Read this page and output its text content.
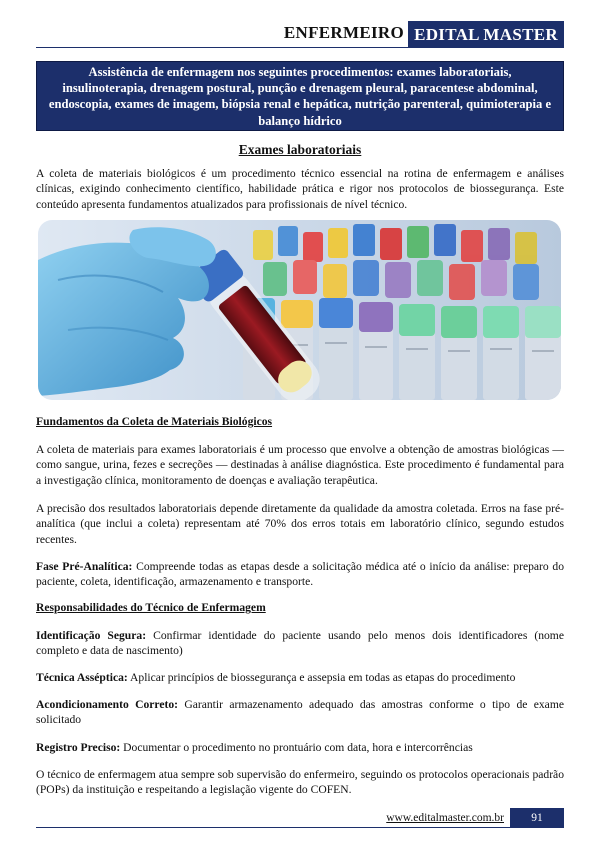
ENFERMEIRO EDITAL MASTER
Assistência de enfermagem nos seguintes procedimentos: exames laboratoriais, insulinoterapia, drenagem postural, punção e drenagem pleural, paracentese abdominal, endoscopia, exames de imagem, biópsia renal e hepática, nutrição parenteral, quimioterapia e balanço hídrico
Exames laboratoriais

A coleta de materiais biológicos é um procedimento técnico essencial na rotina de enfermagem e análises clínicas, exigindo conhecimento científico, habilidade prática e rigor nos protocolos de biossegurança. Este conteúdo apresenta fundamentos atualizados para profissionais de nível técnico.

Fundamentos da Coleta de Materiais Biológicos

A coleta de materiais para exames laboratoriais é um processo que envolve a obtenção de amostras biológicas — como sangue, urina, fezes e secreções — destinadas à análise diagnóstica. Este procedimento é fundamental para a investigação clínica, monitoramento de doenças e avaliação terapêutica.

A precisão dos resultados laboratoriais depende diretamente da qualidade da amostra coletada. Erros na fase pré-analítica (que inclui a coleta) representam até 70% dos erros totais em laboratório clínico, segundo estudos recentes.

Fase Pré-Analítica: Compreende todas as etapas desde a solicitação médica até o início da análise: preparo do paciente, coleta, identificação, armazenamento e transporte.

Responsabilidades do Técnico de Enfermagem

Identificação Segura: Confirmar identidade do paciente usando pelo menos dois identificadores (nome completo e data de nascimento)

Técnica Asséptica: Aplicar princípios de biossegurança e assepsia em todas as etapas do procedimento

Acondicionamento Correto: Garantir armazenamento adequado das amostras conforme o tipo de exame solicitado

Registro Preciso: Documentar o procedimento no prontuário com data, hora e intercorrências

O técnico de enfermagem atua sempre sob supervisão do enfermeiro, seguindo os protocolos operacionais padrão (POPs) da instituição e respeitando a legislação vigente do COFEN.

www.editalmaster.com.br	91
